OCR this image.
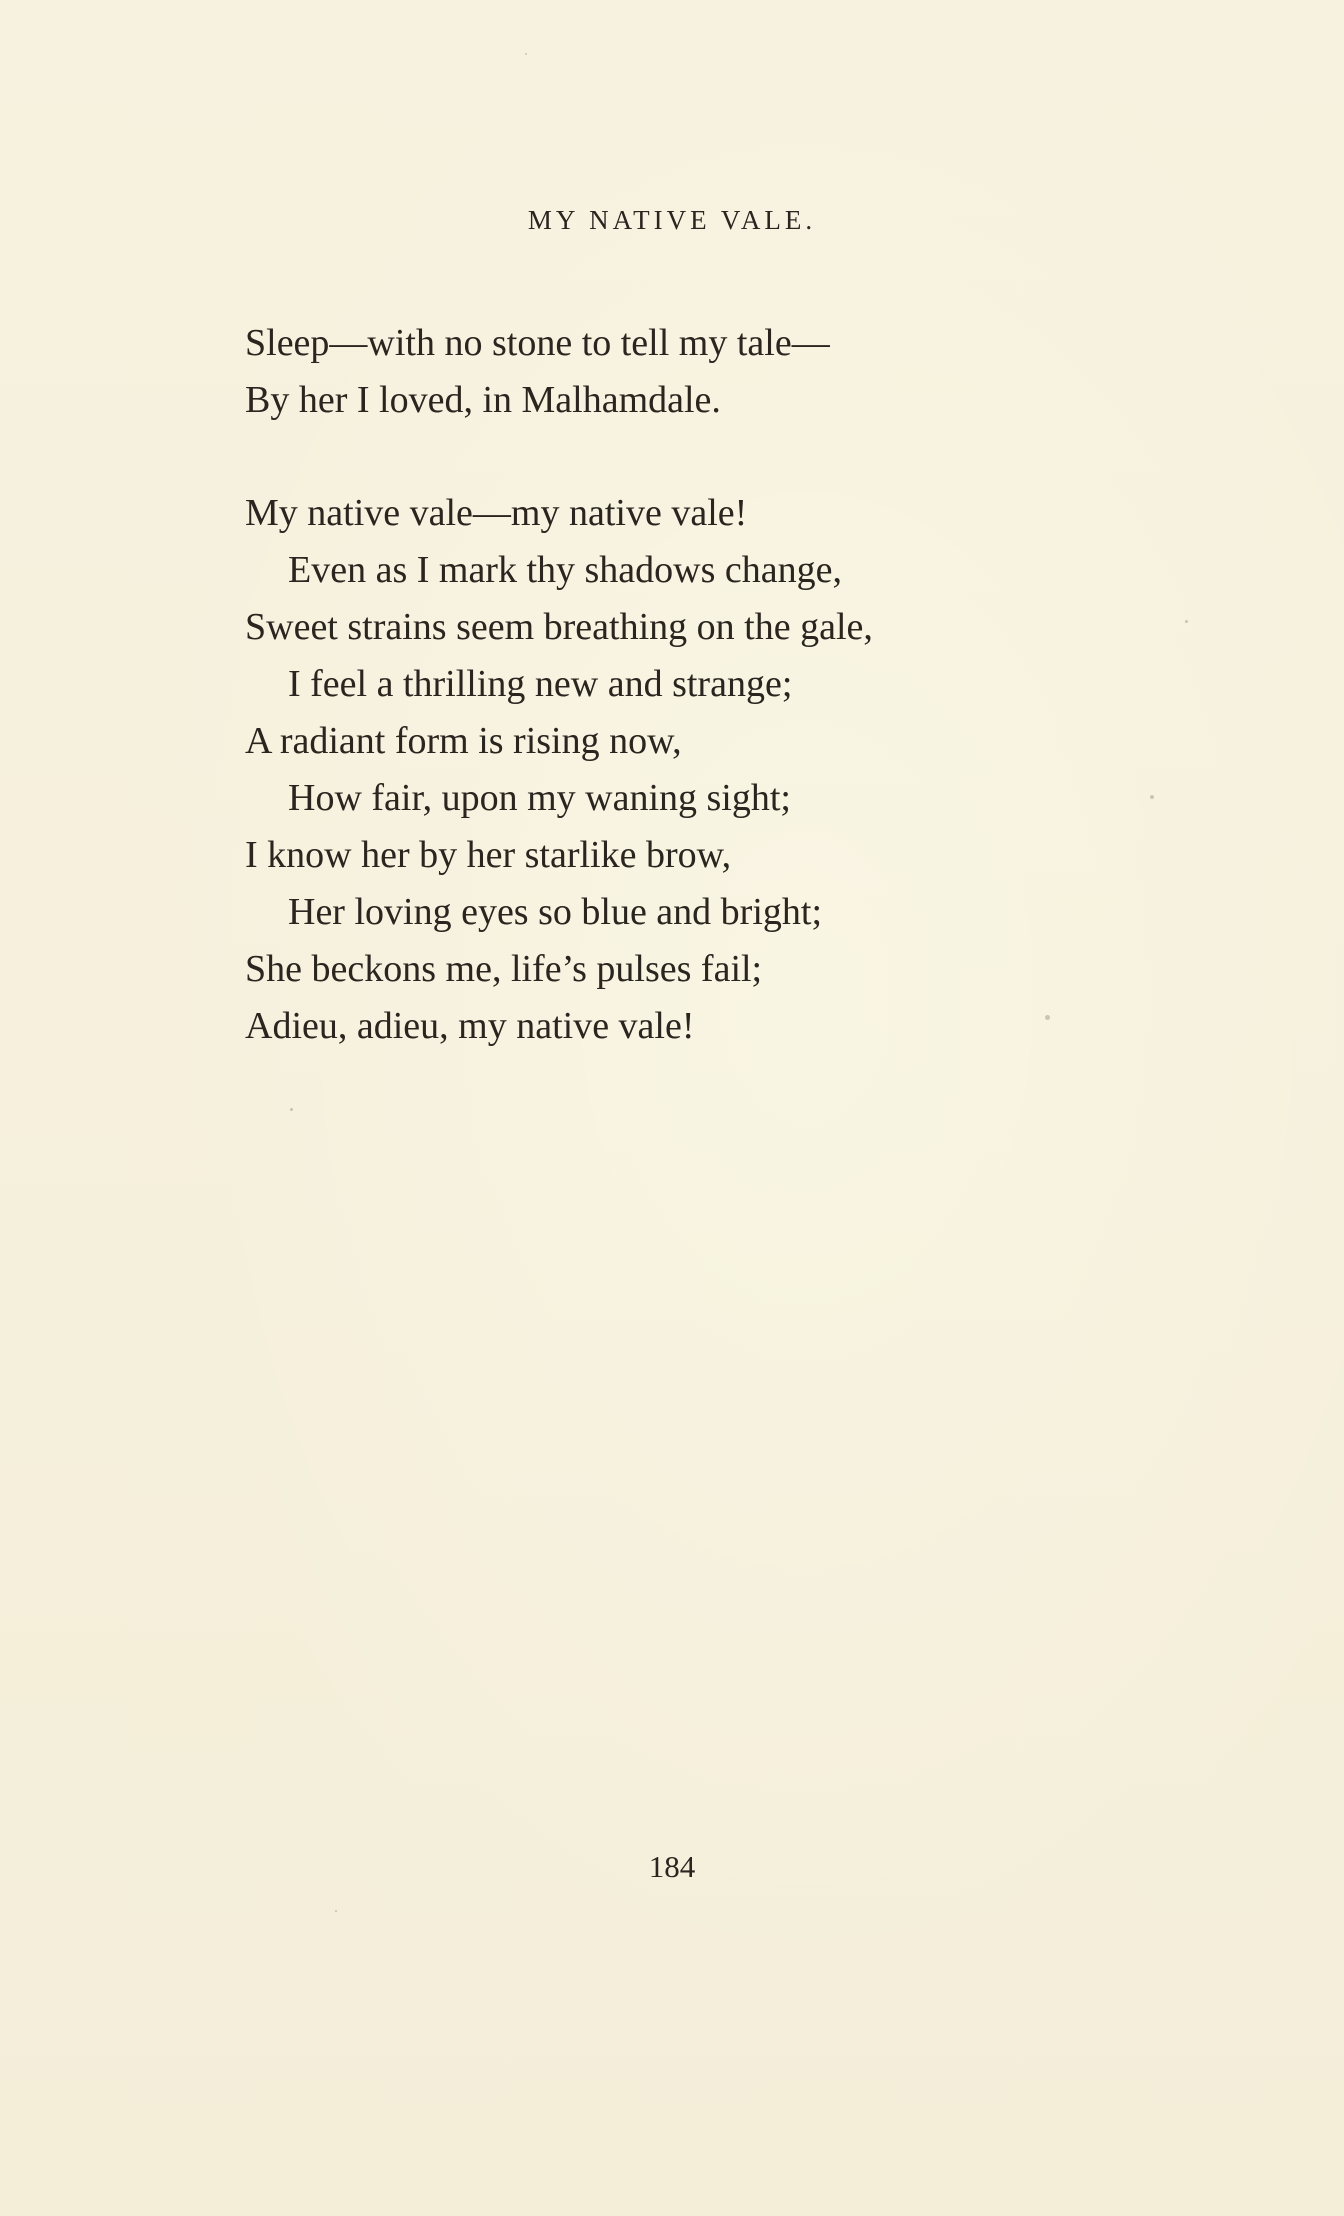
MY NATIVE VALE.
Sleep—with no stone to tell my tale—
By her I loved, in Malhamdale.
My native vale—my native vale!
Even as I mark thy shadows change,
Sweet strains seem breathing on the gale,
I feel a thrilling new and strange;
A radiant form is rising now,
How fair, upon my waning sight;
I know her by her starlike brow,
Her loving eyes so blue and bright;
She beckons me, life’s pulses fail;
Adieu, adieu, my native vale!
184
